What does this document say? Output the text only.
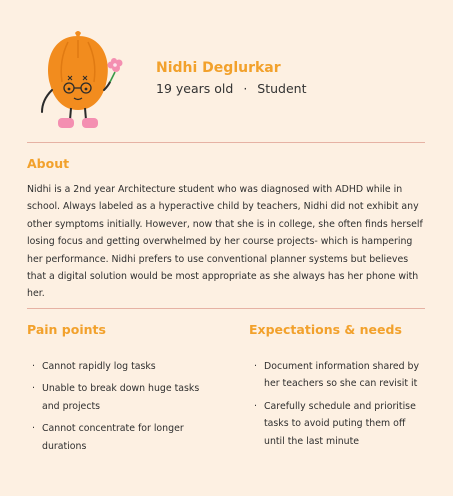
Nidhi Deglurkar
19 years old · Student
About

Nidhi is a 2nd year Architecture student who was diagnosed with ADHD while in school. Always labeled as a hyperactive child by teachers, Nidhi did not exhibit any other symptoms initially. However, now that she is in college, she often finds herself losing focus and getting overwhelmed by her course projects- which is hampering her performance. Nidhi prefers to use conventional planner systems but believes that a digital solution would be most appropriate as she always has her phone with her.

Pain points
· Cannot rapidly log tasks
· Unable to break down huge tasks and projects
· Cannot concentrate for longer durations
Expectations & needs
· Document information shared by her teachers so she can revisit it
· Carefully schedule and prioritise tasks to avoid puting them off until the last minute
